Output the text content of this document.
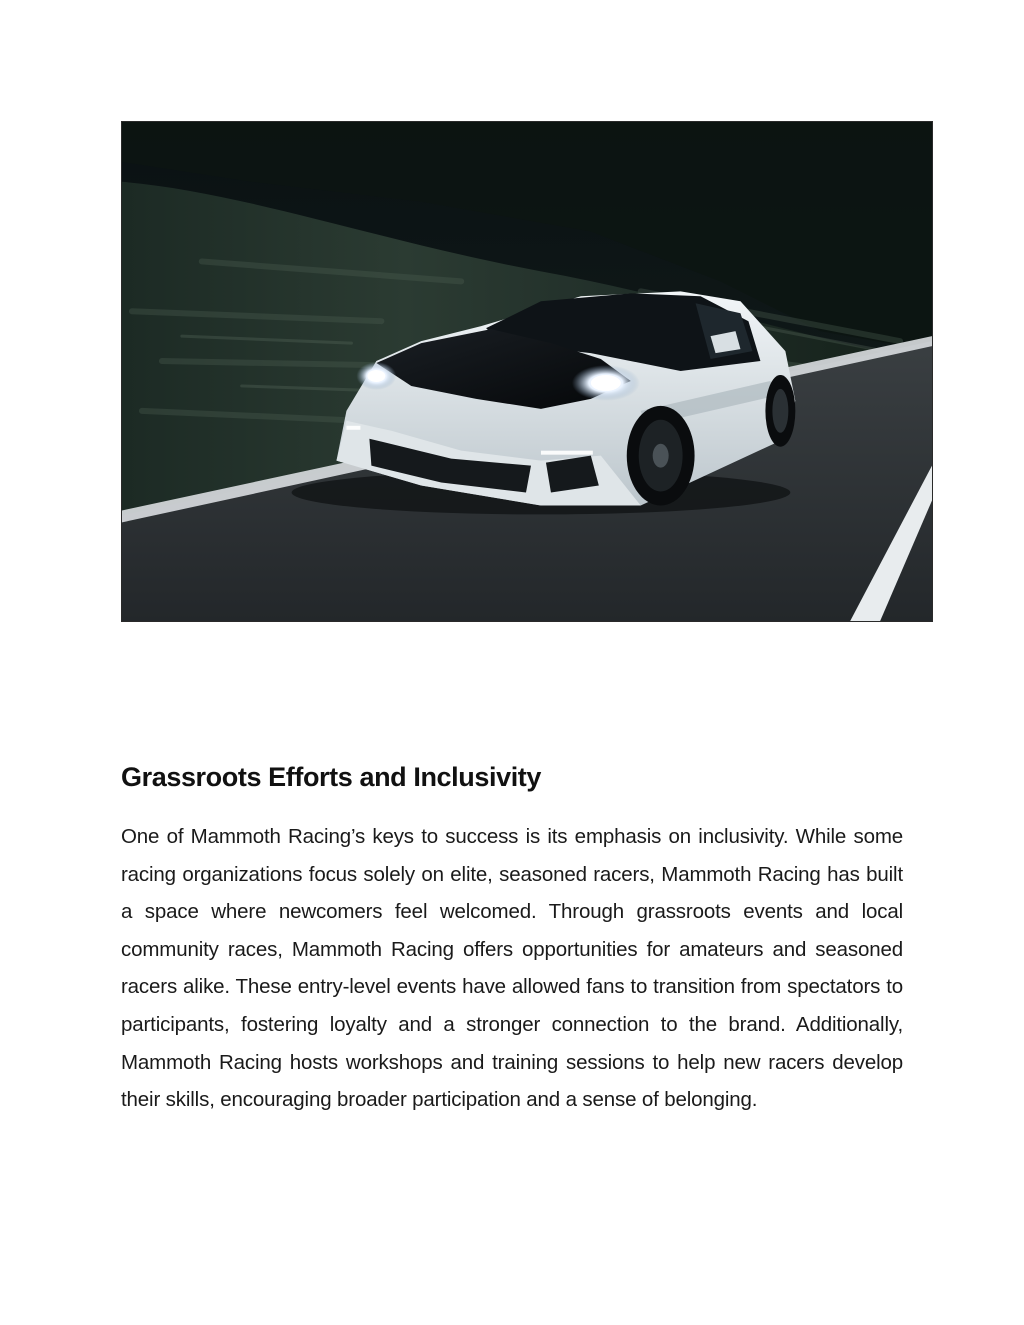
Grassroots Efforts and Inclusivity

One of Mammoth Racing’s keys to success is its emphasis on inclusivity. While some racing organizations focus solely on elite, seasoned racers, Mammoth Racing has built a space where newcomers feel welcomed. Through grassroots events and local community races, Mammoth Racing offers opportunities for amateurs and seasoned racers alike. These entry-level events have allowed fans to transition from spectators to participants, fostering loyalty and a stronger connection to the brand. Additionally, Mammoth Racing hosts workshops and training sessions to help new racers develop their skills, encouraging broader participation and a sense of belonging.
